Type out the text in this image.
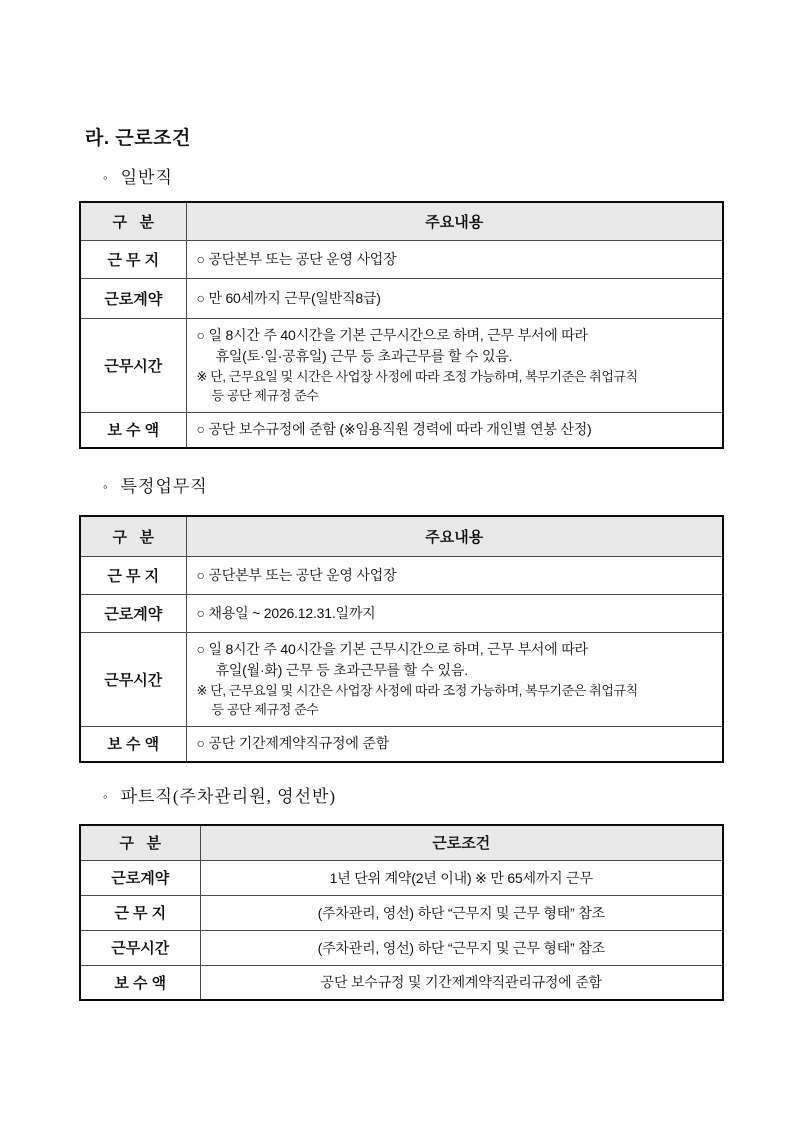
라. 근로조건
◦ 일반직
구   분	주요내용
근 무 지	○ 공단본부 또는 공단 운영 사업장
근로계약	○ 만 60세까지 근무(일반직8급)
근무시간	○ 일 8시간 주 40시간을 기본 근무시간으로 하며, 근무 부서에 따라
휴일(토·일·공휴일) 근무 등 초과근무를 할 수 있음.
※ 단, 근무요일 및 시간은 사업장 사정에 따라 조정 가능하며, 복무기준은 취업규칙
등 공단 제규정 준수

보 수 액	○ 공단 보수규정에 준함 (※임용직원 경력에 따라 개인별 연봉 산정)
◦ 특정업무직
구   분	주요내용
근 무 지	○ 공단본부 또는 공단 운영 사업장
근로계약	○ 채용일 ~ 2026.12.31.일까지
근무시간	○ 일 8시간 주 40시간을 기본 근무시간으로 하며, 근무 부서에 따라
휴일(월·화) 근무 등 초과근무를 할 수 있음.
※ 단, 근무요일 및 시간은 사업장 사정에 따라 조정 가능하며, 복무기준은 취업규칙
등 공단 제규정 준수

보 수 액	○ 공단 기간제계약직규정에 준함
◦ 파트직(주차관리원, 영선반)
구   분	근로조건
근로계약	1년 단위 계약(2년 이내) ※ 만 65세까지 근무
근 무 지	(주차관리, 영선) 하단 “근무지 및 근무 형태” 참조
근무시간	(주차관리, 영선) 하단 “근무지 및 근무 형태” 참조
보 수 액	공단 보수규정 및 기간제계약직관리규정에 준함
